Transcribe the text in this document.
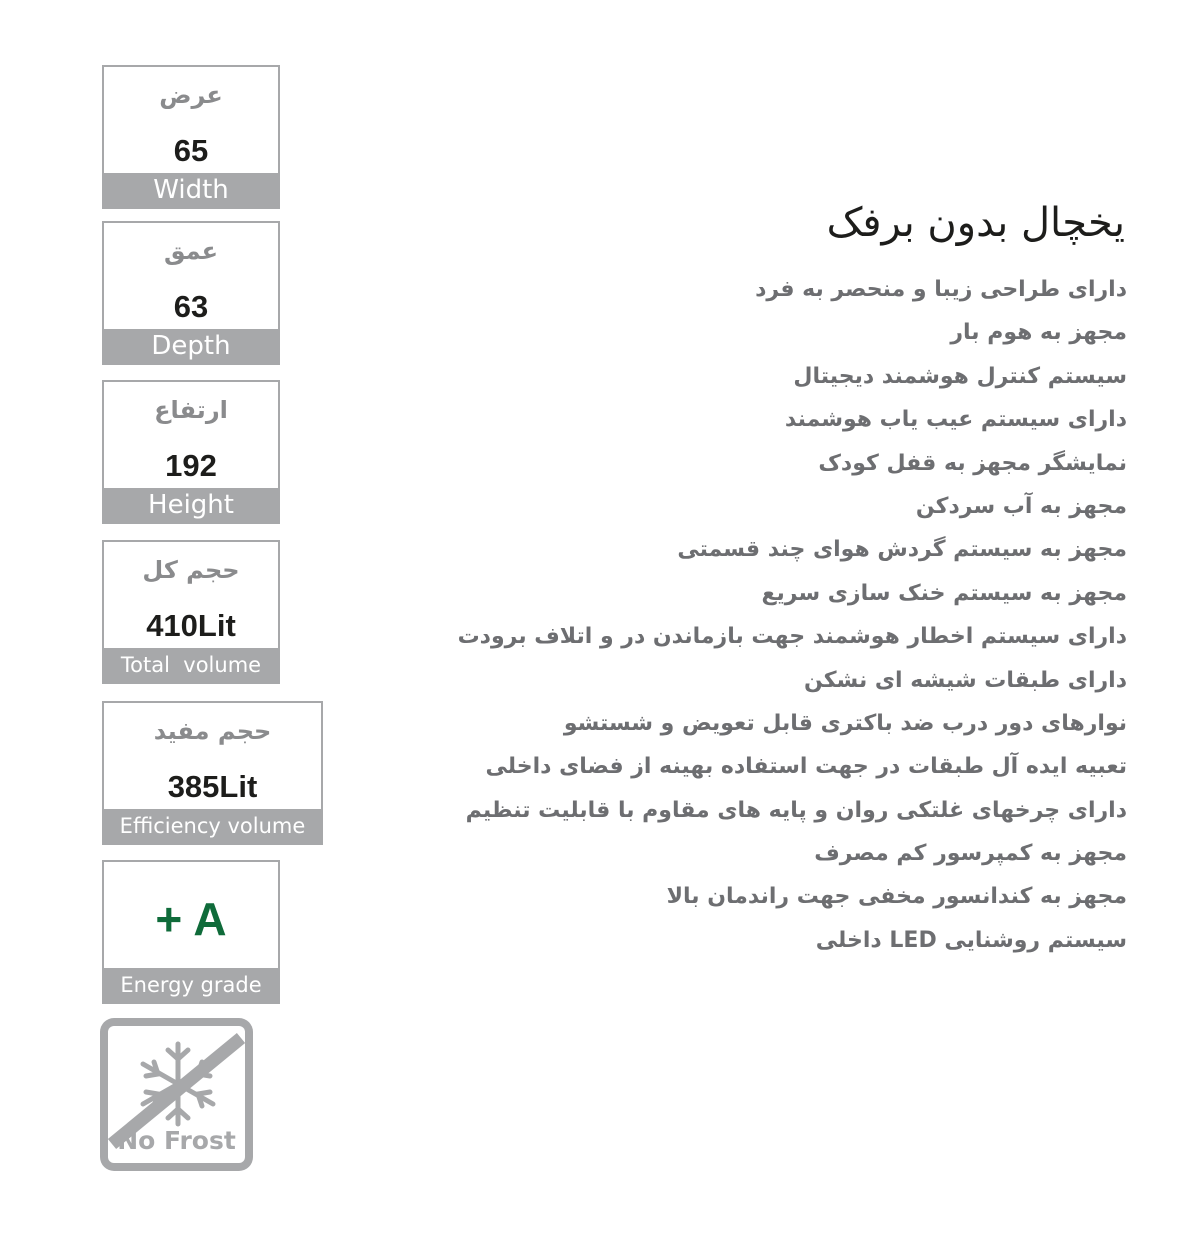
عرض
65
Width
عمق
63
Depth
ارتفاع
192
Height
حجم کل
410Lit
Total  volume
حجم مفید
385Lit
Efficiency volume
+ A
Energy grade
No Frost
یخچال بدون برفک
دارای طراحی زیبا و منحصر به فرد
مجهز به هوم بار
سیستم کنترل هوشمند دیجیتال
دارای سیستم عیب یاب هوشمند
نمایشگر مجهز به قفل کودک
مجهز به آب سردکن
مجهز به سیستم گردش هوای چند قسمتی
مجهز به سیستم خنک سازی سریع
دارای سیستم اخطار هوشمند جهت بازماندن در و اتلاف برودت
دارای طبقات شیشه ای نشکن
نوارهای دور درب ضد باکتری قابل تعویض و شستشو
تعبیه ایده آل طبقات در جهت استفاده بهینه از فضای داخلی
دارای چرخهای غلتکی روان و پایه های مقاوم با قابلیت تنظیم
مجهز به کمپرسور کم مصرف
مجهز به کندانسور مخفی جهت راندمان بالا
سیستم روشنایی LED داخلی
